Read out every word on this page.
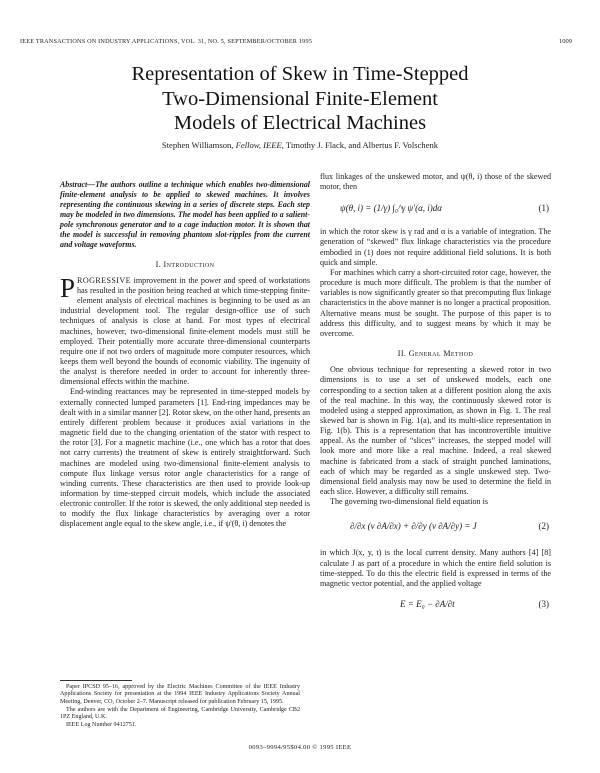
IEEE TRANSACTIONS ON INDUSTRY APPLICATIONS, VOL. 31, NO. 5, SEPTEMBER/OCTOBER 1995	1009
Representation of Skew in Time-Stepped
Two-Dimensional Finite-Element
Models of Electrical Machines
Stephen Williamson, Fellow, IEEE, Timothy J. Flack, and Albertus F. Volschenk

Abstract—The authors outline a technique which enables two-dimensional finite-element analysis to be applied to skewed machines. It involves representing the continuous skewing in a series of discrete steps. Each step may be modeled in two dimensions. The model has been applied to a salient-pole synchronous generator and to a cage induction motor. It is shown that the model is successful in removing phantom slot-ripples from the current and voltage waveforms.

I. Introduction

PROGRESSIVE improvement in the power and speed of workstations has resulted in the position being reached at which time-stepping finite-element analysis of electrical machines is beginning to be used as an industrial development tool. The regular design-office use of such techniques of analysis is close at hand. For most types of electrical machines, however, two-dimensional finite-element models must still be employed. Their potentially more accurate three-dimensional counterparts require one if not two orders of magnitude more computer resources, which keeps them well beyond the bounds of economic viability. The ingenuity of the analyst is therefore needed in order to account for inherently three-dimensional effects within the machine.

End-winding reactances may be represented in time-stepped models by externally connected lumped parameters [1]. End-ring impedances may be dealt with in a similar manner [2]. Rotor skew, on the other hand, presents an entirely different problem because it produces axial variations in the magnetic field due to the changing orientation of the stator with respect to the rotor [3]. For a magnetic machine (i.e., one which has a rotor that does not carry currents) the treatment of skew is entirely straightforward. Such machines are modeled using two-dimensional finite-element analysis to compute flux linkage versus rotor angle characteristics for a range of winding currents. These characteristics are then used to provide look-up information by time-stepped circuit models, which include the associated electronic controller. If the rotor is skewed, the only additional step needed is to modify the flux linkage characteristics by averaging over a rotor displacement angle equal to the skew angle, i.e., if ψ'(θ, i) denotes the

flux linkages of the unskewed motor, and ψ(θ, i) those of the skewed motor, then

ψ(θ, i) = (1/γ) ∫₀^γ ψ'(α, i)dα	(1)

in which the rotor skew is γ rad and α is a variable of integration. The generation of “skewed” flux linkage characteristics via the procedure embodied in (1) does not require additional field solutions. It is both quick and simple.

For machines which carry a short-circuited rotor cage, however, the procedure is much more difficult. The problem is that the number of variables is now significantly greater so that precomputing flux linkage characteristics in the above manner is no longer a practical proposition. Alternative means must be sought. The purpose of this paper is to address this difficulty, and to suggest means by which it may be overcome.

II. General Method

One obvious technique for representing a skewed rotor in two dimensions is to use a set of unskewed models, each one corresponding to a section taken at a different position along the axis of the real machine. In this way, the continuously skewed rotor is modeled using a stepped approximation, as shown in Fig. 1. The real skewed bar is shown in Fig. 1(a), and its multi-slice representation in Fig. 1(b). This is a representation that has incontrovertible intuitive appeal. As the number of “slices” increases, the stepped model will look more and more like a real machine. Indeed, a real skewed machine is fabricated from a stack of straight punched laminations, each of which may be regarded as a single unskewed step. Two-dimensional field analysis may now be used to determine the field in each slice. However, a difficulty still remains.

The governing two-dimensional field equation is

∂/∂x (ν ∂A/∂x) + ∂/∂y (ν ∂A/∂y) = J	(2)

in which J(x, y, t) is the local current density. Many authors [4] [8] calculate J as part of a procedure in which the entire field solution is time-stepped. To do this the electric field is expressed in terms of the magnetic vector potential, and the applied voltage

E = E₀ − ∂A/∂t	(3)

Paper IPCSD 95–16, approved by the Electric Machines Committee of the IEEE Industry Applications Society for presentation at the 1994 IEEE Industry Applications Society Annual Meeting, Denver, CO, October 2–7. Manuscript released for publication February 15, 1995.

The authors are with the Department of Engineering, Cambridge University, Cambridge CB2 1PZ England, U.K.

IEEE Log Number 9412751.

0093–9994/95$04.00 © 1995 IEEE
